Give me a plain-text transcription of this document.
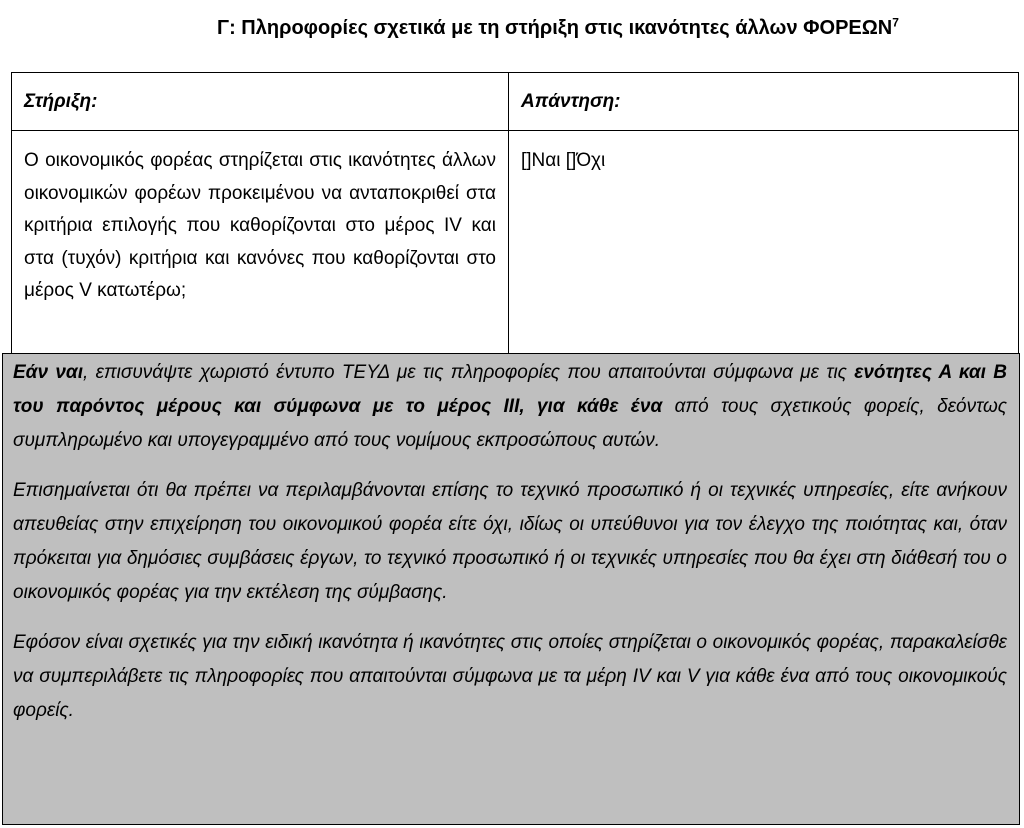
Γ: Πληροφορίες σχετικά με τη στήριξη στις ικανότητες άλλων ΦΟΡΕΩΝ$^7$
Στήριξη:	Απάντηση:
Ο οικονομικός φορέας στηρίζεται στις ικανότητες άλλων οικονομικών φορέων προκειμένου να ανταποκριθεί στα κριτήρια επιλογής που καθορίζονται στο μέρος IV και στα (τυχόν) κριτήρια και κανόνες που καθορίζονται στο μέρος V κατωτέρω;
[]Ναι []Όχι

Εάν ναι, επισυνάψτε χωριστό έντυπο ΤΕΥΔ με τις πληροφορίες που απαιτούνται σύμφωνα με τις ενότητες Α και Β του παρόντος μέρους και σύμφωνα με το μέρος ΙΙΙ, για κάθε ένα από τους σχετικούς φορείς, δεόντως συμπληρωμένο και υπογεγραμμένο από τους νομίμους εκπροσώπους αυτών.

Επισημαίνεται ότι θα πρέπει να περιλαμβάνονται επίσης το τεχνικό προσωπικό ή οι τεχνικές υπηρεσίες, είτε ανήκουν απευθείας στην επιχείρηση του οικονομικού φορέα είτε όχι, ιδίως οι υπεύθυνοι για τον έλεγχο της ποιότητας και, όταν πρόκειται για δημόσιες συμβάσεις έργων, το τεχνικό προσωπικό ή οι τεχνικές υπηρεσίες που θα έχει στη διάθεσή του ο οικονομικός φορέας για την εκτέλεση της σύμβασης.

Εφόσον είναι σχετικές για την ειδική ικανότητα ή ικανότητες στις οποίες στηρίζεται ο οικονομικός φορέας, παρακαλείσθε να συμπεριλάβετε τις πληροφορίες που απαιτούνται σύμφωνα με τα μέρη IV και V για κάθε ένα από τους οικονομικούς φορείς.
